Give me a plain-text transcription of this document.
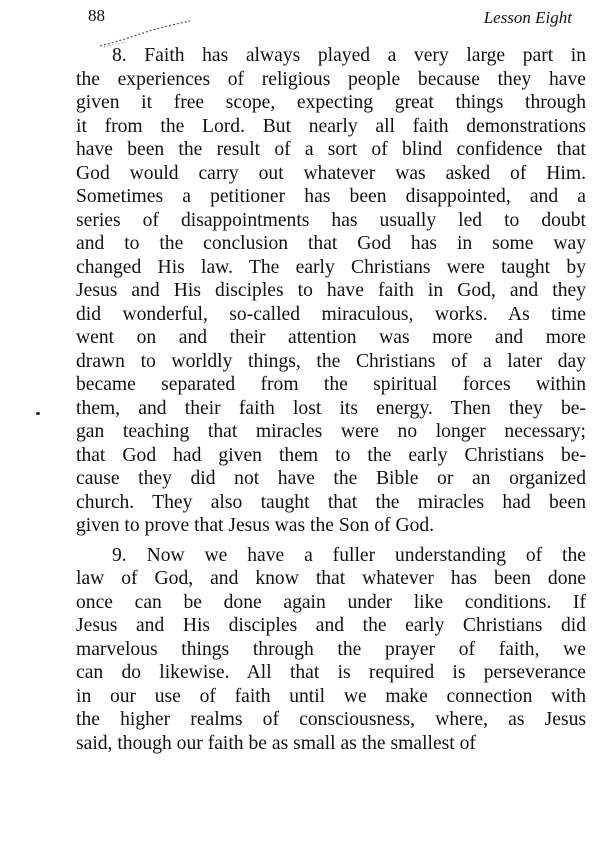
88	Lesson Eight
8. Faith has always played a very large part in
the experiences of religious people because they have
given it free scope, expecting great things through
it from the Lord. But nearly all faith demonstrations
have been the result of a sort of blind confidence that
God would carry out whatever was asked of Him.
Sometimes a petitioner has been disappointed, and a
series of disappointments has usually led to doubt
and to the conclusion that God has in some way
changed His law. The early Christians were taught by
Jesus and His disciples to have faith in God, and they
did wonderful, so-called miraculous, works. As time
went on and their attention was more and more
drawn to worldly things, the Christians of a later day
became separated from the spiritual forces within
them, and their faith lost its energy. Then they be-
gan teaching that miracles were no longer necessary;
that God had given them to the early Christians be-
cause they did not have the Bible or an organized
church. They also taught that the miracles had been
given to prove that Jesus was the Son of God.
9. Now we have a fuller understanding of the
law of God, and know that whatever has been done
once can be done again under like conditions. If
Jesus and His disciples and the early Christians did
marvelous things through the prayer of faith, we
can do likewise. All that is required is perseverance
in our use of faith until we make connection with
the higher realms of consciousness, where, as Jesus
said, though our faith be as small as the smallest of
